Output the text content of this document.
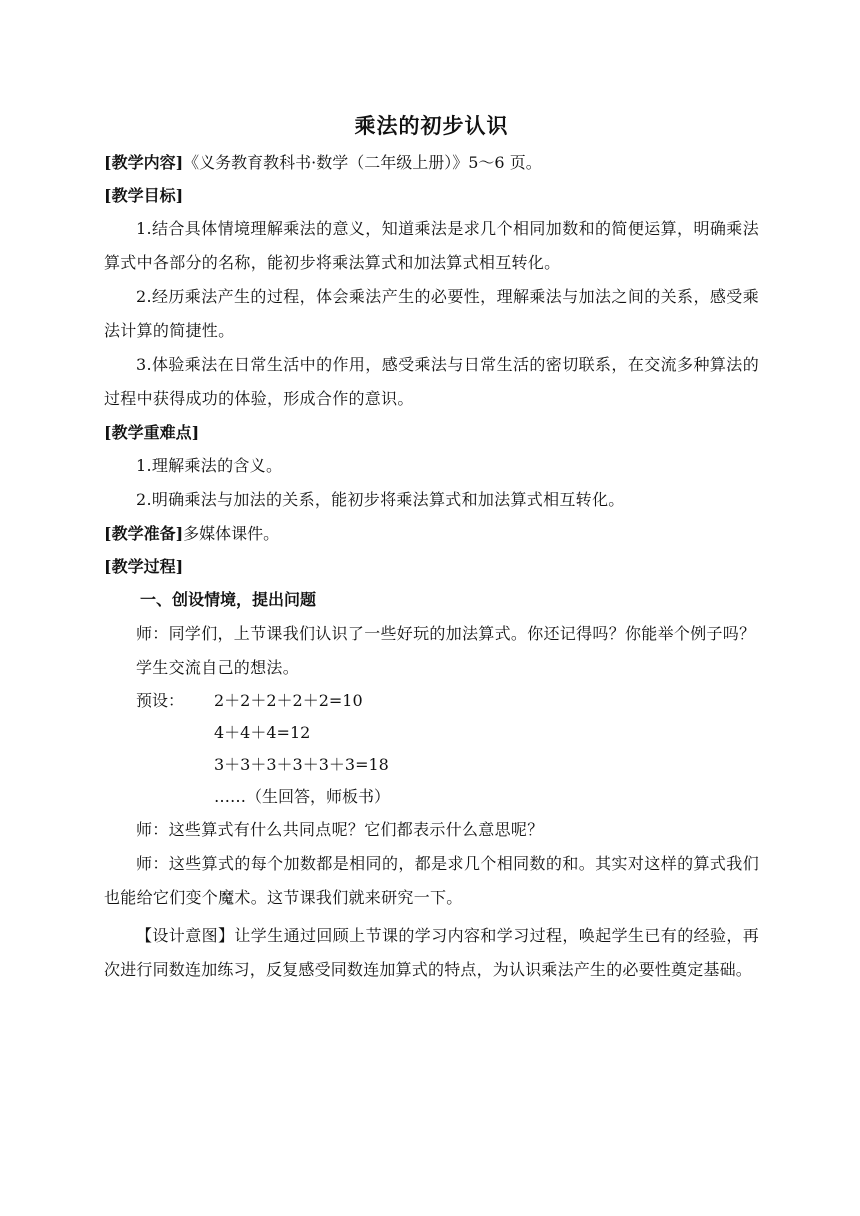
乘法的初步认识

[教学内容]《义务教育教科书·数学（二年级上册）》5～6 页。

[教学目标]

1.结合具体情境理解乘法的意义，知道乘法是求几个相同加数和的简便运算，明确乘法算式中各部分的名称，能初步将乘法算式和加法算式相互转化。

2.经历乘法产生的过程，体会乘法产生的必要性，理解乘法与加法之间的关系，感受乘法计算的简捷性。

3.体验乘法在日常生活中的作用，感受乘法与日常生活的密切联系，在交流多种算法的过程中获得成功的体验，形成合作的意识。

[教学重难点]

1.理解乘法的含义。

2.明确乘法与加法的关系，能初步将乘法算式和加法算式相互转化。

[教学准备]多媒体课件。

[教学过程]

一、创设情境，提出问题

师：同学们，上节课我们认识了一些好玩的加法算式。你还记得吗？你能举个例子吗？

学生交流自己的想法。

预设：	2＋2＋2＋2＋2=10
4＋4＋4=12
3＋3＋3＋3＋3＋3=18
……（生回答，师板书）

师：这些算式有什么共同点呢？它们都表示什么意思呢？

师：这些算式的每个加数都是相同的，都是求几个相同数的和。其实对这样的算式我们也能给它们变个魔术。这节课我们就来研究一下。

【设计意图】让学生通过回顾上节课的学习内容和学习过程，唤起学生已有的经验，再次进行同数连加练习，反复感受同数连加算式的特点，为认识乘法产生的必要性奠定基础。
